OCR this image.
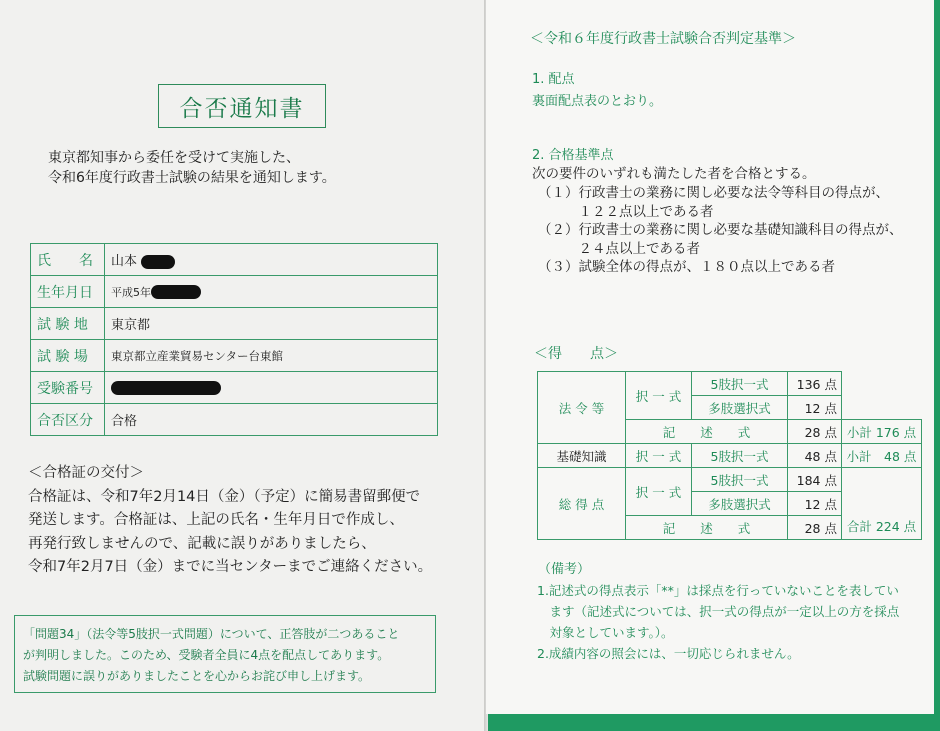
合否通知書
東京都知事から委任を受けて実施した、
令和6年度行政書士試験の結果を通知します。
氏　　名	山本
生年月日	平成5年
試 験 地	東京都
試 験 場	東京都立産業貿易センター台東館
受験番号	
合否区分	合格
＜合格証の交付＞
合格証は、令和7年2月14日（金）（予定）に簡易書留郵便で
発送します。合格証は、上記の氏名・生年月日で作成し、
再発行致しませんので、記載に誤りがありましたら、
令和7年2月7日（金）までに当センターまでご連絡ください。
「問題34」（法令等5肢択一式問題）について、正答肢が二つあること
が判明しました。このため、受験者全員に4点を配点してあります。
試験問題に誤りがありましたことを心からお詫び申し上げます。
＜令和６年度行政書士試験合否判定基準＞
1. 配点
裏面配点表のとおり。
2. 合格基準点
次の要件のいずれも満たした者を合格とする。
（１）行政書士の業務に関し必要な法令等科目の得点が、
　　　１２２点以上である者
（２）行政書士の業務に関し必要な基礎知識科目の得点が、
　　　２４点以上である者
（３）試験全体の得点が、１８０点以上である者
＜得　　点＞
法 令 等	択 一 式	5肢択一式	136 点	
		多肢選択式	12 点	
	記　　述　　式		28 点	小計 176 点
基礎知識	択 一 式	5肢択一式	48 点	小計　48 点
総 得 点	択 一 式	5肢択一式	184 点	合計 224 点
		多肢選択式	12 点	
	記　　述　　式		28 点	
（備考）
1.記述式の得点表示「**」は採点を行っていないことを表してい
　ます（記述式については、択一式の得点が一定以上の方を採点
　対象としています。）。
2.成績内容の照会には、一切応じられません。
